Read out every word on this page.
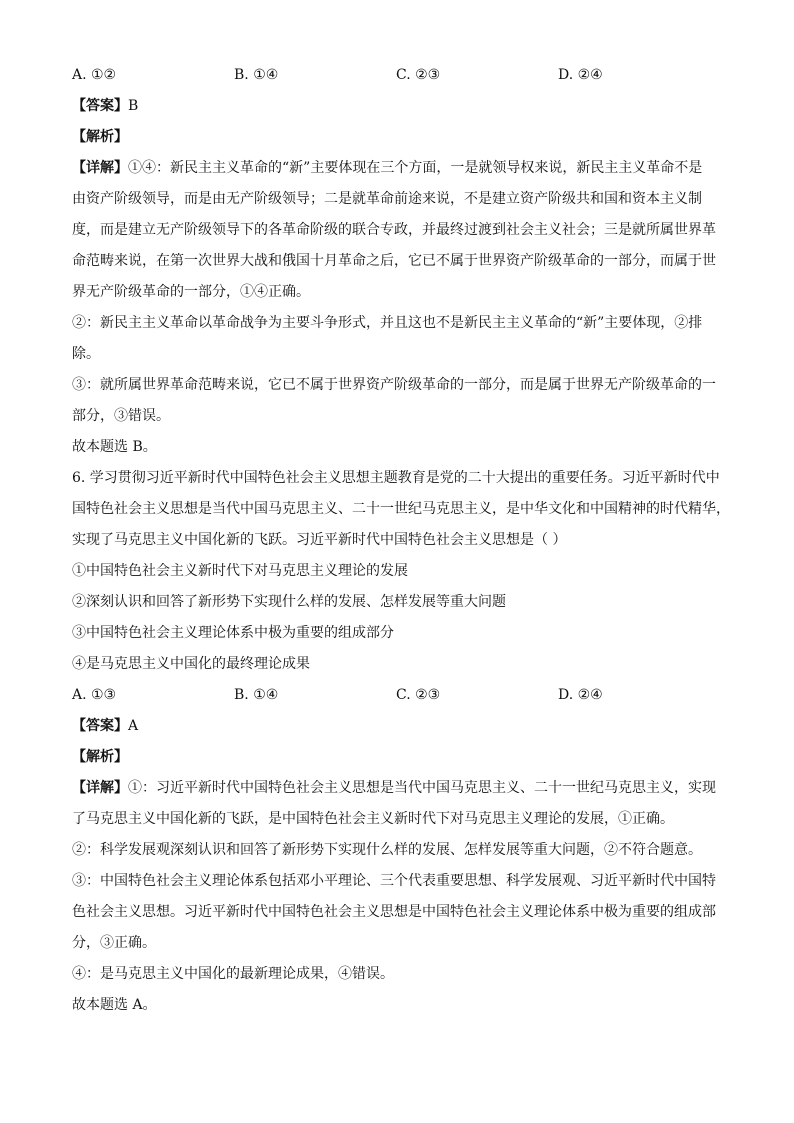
A. ①②	B. ①④	C. ②③	D. ②④
【答案】B
【解析】
【详解】①④：新民主主义革命的“新”主要体现在三个方面，一是就领导权来说，新民主主义革命不是
由资产阶级领导，而是由无产阶级领导；二是就革命前途来说，不是建立资产阶级共和国和资本主义制
度，而是建立无产阶级领导下的各革命阶级的联合专政，并最终过渡到社会主义社会；三是就所属世界革
命范畴来说，在第一次世界大战和俄国十月革命之后，它已不属于世界资产阶级革命的一部分，而属于世
界无产阶级革命的一部分，①④正确。
②：新民主主义革命以革命战争为主要斗争形式，并且这也不是新民主主义革命的“新”主要体现，②排
除。
③：就所属世界革命范畴来说，它已不属于世界资产阶级革命的一部分，而是属于世界无产阶级革命的一
部分，③错误。
故本题选 B。
6. 学习贯彻习近平新时代中国特色社会主义思想主题教育是党的二十大提出的重要任务。习近平新时代中
国特色社会主义思想是当代中国马克思主义、二十一世纪马克思主义，是中华文化和中国精神的时代精华，
实现了马克思主义中国化新的飞跃。习近平新时代中国特色社会主义思想是（ ）
①中国特色社会主义新时代下对马克思主义理论的发展
②深刻认识和回答了新形势下实现什么样的发展、怎样发展等重大问题
③中国特色社会主义理论体系中极为重要的组成部分
④是马克思主义中国化的最终理论成果
A. ①③	B. ①④	C. ②③	D. ②④
【答案】A
【解析】
【详解】①：习近平新时代中国特色社会主义思想是当代中国马克思主义、二十一世纪马克思主义，实现
了马克思主义中国化新的飞跃，是中国特色社会主义新时代下对马克思主义理论的发展，①正确。
②：科学发展观深刻认识和回答了新形势下实现什么样的发展、怎样发展等重大问题，②不符合题意。
③：中国特色社会主义理论体系包括邓小平理论、三个代表重要思想、科学发展观、习近平新时代中国特
色社会主义思想。习近平新时代中国特色社会主义思想是中国特色社会主义理论体系中极为重要的组成部
分，③正确。
④：是马克思主义中国化的最新理论成果，④错误。
故本题选 A。
